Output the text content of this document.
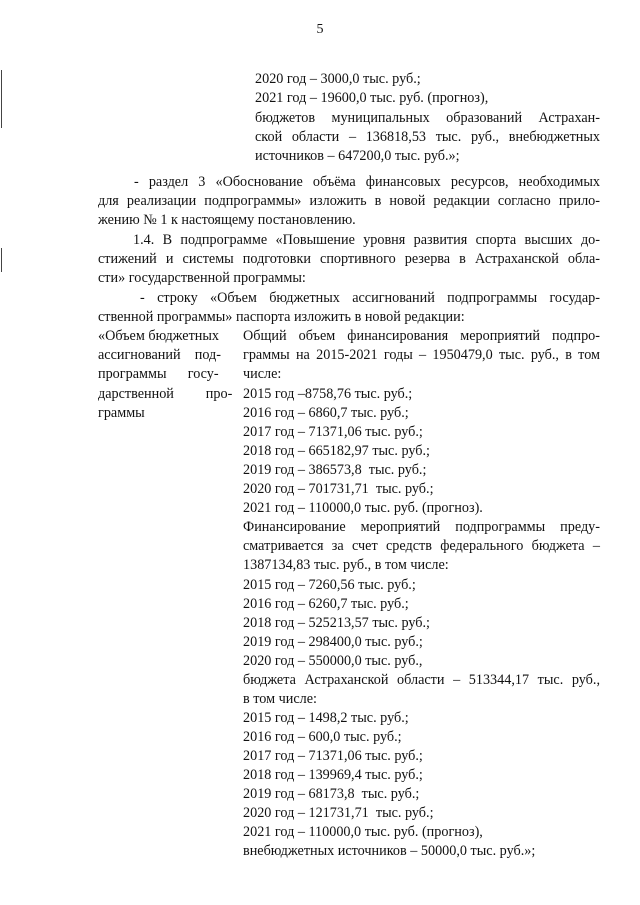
5
2020 год – 3000,0 тыс. руб.;
2021 год – 19600,0 тыс. руб. (прогноз),
бюджетов муниципальных образований Астрахан-
ской области – 136818,53 тыс. руб., внебюджетных
источников – 647200,0 тыс. руб.»;
- раздел 3 «Обоснование объёма финансовых ресурсов, необходимых
для реализации подпрограммы» изложить в новой редакции согласно прило-
жению № 1 к настоящему постановлению.
1.4. В подпрограмме «Повышение уровня развития спорта высших до-
стижений и системы подготовки спортивного резерва в Астраханской обла-
сти» государственной программы:
- строку «Объем бюджетных ассигнований подпрограммы государ-
ственной программы» паспорта изложить в новой редакции:
«Объем бюджетных
ассигнований    под-
программы      госу-
дарственной         про-
граммы
Общий объем финансирования мероприятий подпро-
граммы на 2015-2021 годы – 1950479,0 тыс. руб., в том
числе:
2015 год –8758,76 тыс. руб.;
2016 год – 6860,7 тыс. руб.;
2017 год – 71371,06 тыс. руб.;
2018 год – 665182,97 тыс. руб.;
2019 год – 386573,8  тыс. руб.;
2020 год – 701731,71  тыс. руб.;
2021 год – 110000,0 тыс. руб. (прогноз).
Финансирование мероприятий подпрограммы преду-
сматривается за счет средств федерального бюджета –
1387134,83 тыс. руб., в том числе:
2015 год – 7260,56 тыс. руб.;
2016 год – 6260,7 тыс. руб.;
2018 год – 525213,57 тыс. руб.;
2019 год – 298400,0 тыс. руб.;
2020 год – 550000,0 тыс. руб.,
бюджета Астраханской области – 513344,17 тыс. руб.,
в том числе:
2015 год – 1498,2 тыс. руб.;
2016 год – 600,0 тыс. руб.;
2017 год – 71371,06 тыс. руб.;
2018 год – 139969,4 тыс. руб.;
2019 год – 68173,8  тыс. руб.;
2020 год – 121731,71  тыс. руб.;
2021 год – 110000,0 тыс. руб. (прогноз),
внебюджетных источников – 50000,0 тыс. руб.»;
